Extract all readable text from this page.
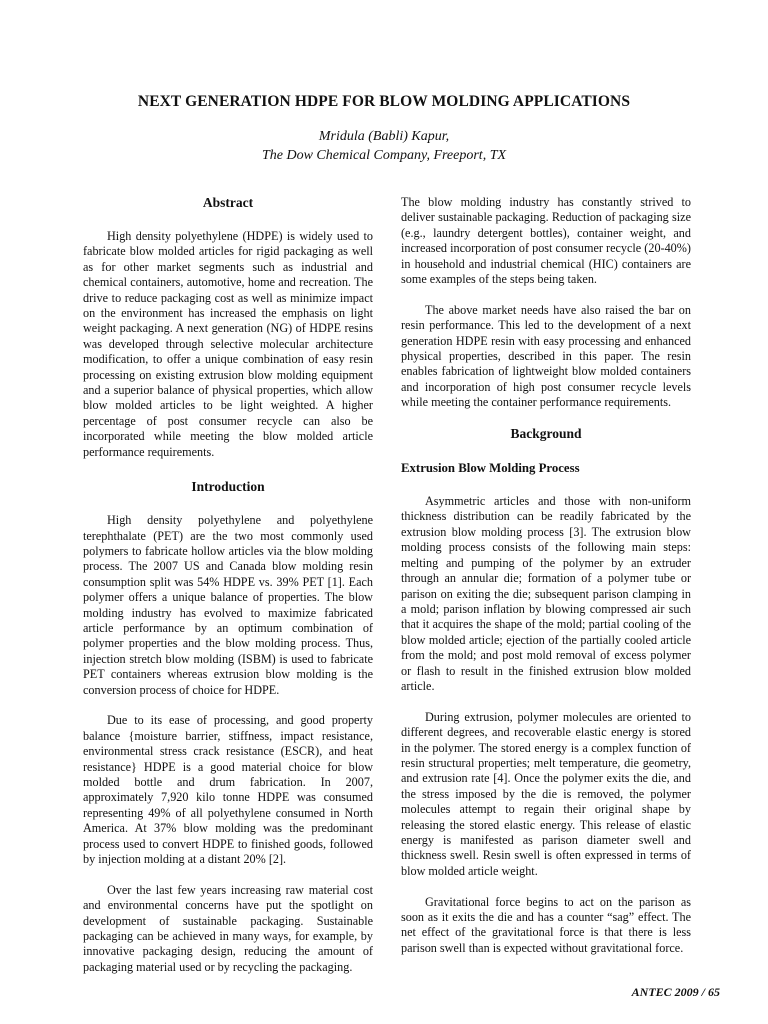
NEXT GENERATION HDPE FOR BLOW MOLDING APPLICATIONS
Mridula (Babli) Kapur,
The Dow Chemical Company, Freeport, TX
Abstract

High density polyethylene (HDPE) is widely used to fabricate blow molded articles for rigid packaging as well as for other market segments such as industrial and chemical containers, automotive, home and recreation. The drive to reduce packaging cost as well as minimize impact on the environment has increased the emphasis on light weight packaging. A next generation (NG) of HDPE resins was developed through selective molecular architecture modification, to offer a unique combination of easy resin processing on existing extrusion blow molding equipment and a superior balance of physical properties, which allow blow molded articles to be light weighted. A higher percentage of post consumer recycle can also be incorporated while meeting the blow molded article performance requirements.

Introduction

High density polyethylene and polyethylene terephthalate (PET) are the two most commonly used polymers to fabricate hollow articles via the blow molding process. The 2007 US and Canada blow molding resin consumption split was 54% HDPE vs. 39% PET [1]. Each polymer offers a unique balance of properties. The blow molding industry has evolved to maximize fabricated article performance by an optimum combination of polymer properties and the blow molding process. Thus, injection stretch blow molding (ISBM) is used to fabricate PET containers whereas extrusion blow molding is the conversion process of choice for HDPE.

Due to its ease of processing, and good property balance {moisture barrier, stiffness, impact resistance, environmental stress crack resistance (ESCR), and heat resistance} HDPE is a good material choice for blow molded bottle and drum fabrication. In 2007, approximately 7,920 kilo tonne HDPE was consumed representing 49% of all polyethylene consumed in North America. At 37% blow molding was the predominant process used to convert HDPE to finished goods, followed by injection molding at a distant 20% [2].

Over the last few years increasing raw material cost and environmental concerns have put the spotlight on development of sustainable packaging. Sustainable packaging can be achieved in many ways, for example, by innovative packaging design, reducing the amount of packaging material used or by recycling the packaging.

The blow molding industry has constantly strived to deliver sustainable packaging. Reduction of packaging size (e.g., laundry detergent bottles), container weight, and increased incorporation of post consumer recycle (20-40%) in household and industrial chemical (HIC) containers are some examples of the steps being taken.

The above market needs have also raised the bar on resin performance. This led to the development of a next generation HDPE resin with easy processing and enhanced physical properties, described in this paper. The resin enables fabrication of lightweight blow molded containers and incorporation of high post consumer recycle levels while meeting the container performance requirements.

Background
Extrusion Blow Molding Process

Asymmetric articles and those with non-uniform thickness distribution can be readily fabricated by the extrusion blow molding process [3]. The extrusion blow molding process consists of the following main steps: melting and pumping of the polymer by an extruder through an annular die; formation of a polymer tube or parison on exiting the die; subsequent parison clamping in a mold; parison inflation by blowing compressed air such that it acquires the shape of the mold; partial cooling of the blow molded article; ejection of the partially cooled article from the mold; and post mold removal of excess polymer or flash to result in the finished extrusion blow molded article.

During extrusion, polymer molecules are oriented to different degrees, and recoverable elastic energy is stored in the polymer. The stored energy is a complex function of resin structural properties; melt temperature, die geometry, and extrusion rate [4]. Once the polymer exits the die, and the stress imposed by the die is removed, the polymer molecules attempt to regain their original shape by releasing the stored elastic energy. This release of elastic energy is manifested as parison diameter swell and thickness swell. Resin swell is often expressed in terms of blow molded article weight.

Gravitational force begins to act on the parison as soon as it exits the die and has a counter “sag” effect. The net effect of the gravitational force is that there is less parison swell than is expected without gravitational force.

ANTEC 2009 / 65
